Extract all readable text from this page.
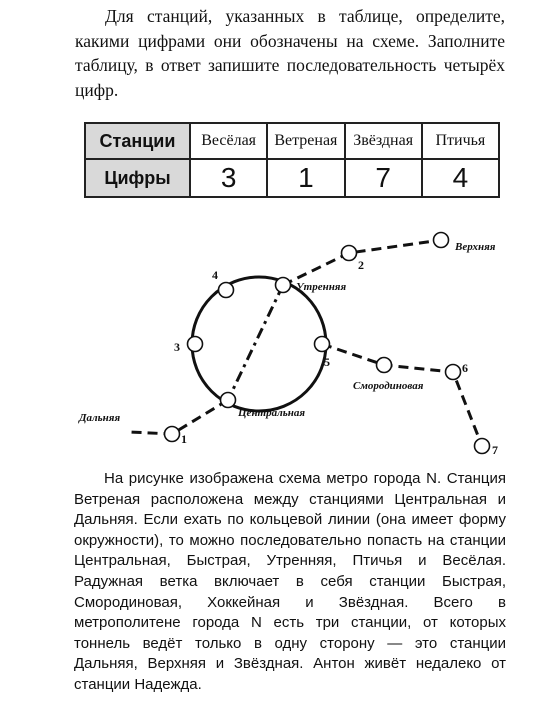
Для станций, указанных в таблице, определите, какими цифрами они обозначены на схеме. Заполните таблицу, в ответ запишите последовательность четырёх цифр.

Станции	Весёлая	Ветреная	Звёздная	Птичья
Цифры	3	1	7	4
Верхняя
Утренняя
Смородиновая
Дальняя	Центральная
1
2
3
4
5	6
7

На рисунке изображена схема метро города N. Станция Ветреная расположена между станциями Центральная и Дальняя. Если ехать по кольцевой линии (она имеет форму окружности), то можно последовательно попасть на станции Центральная, Быстрая, Утренняя, Птичья и Весёлая. Радужная ветка включает в себя станции Быстрая, Смородиновая, Хоккейная и Звёздная. Всего в метрополитене города N есть три станции, от которых тоннель ведёт только в одну сторону — это станции Дальняя, Верхняя и Звёздная. Антон живёт недалеко от станции Надежда.
